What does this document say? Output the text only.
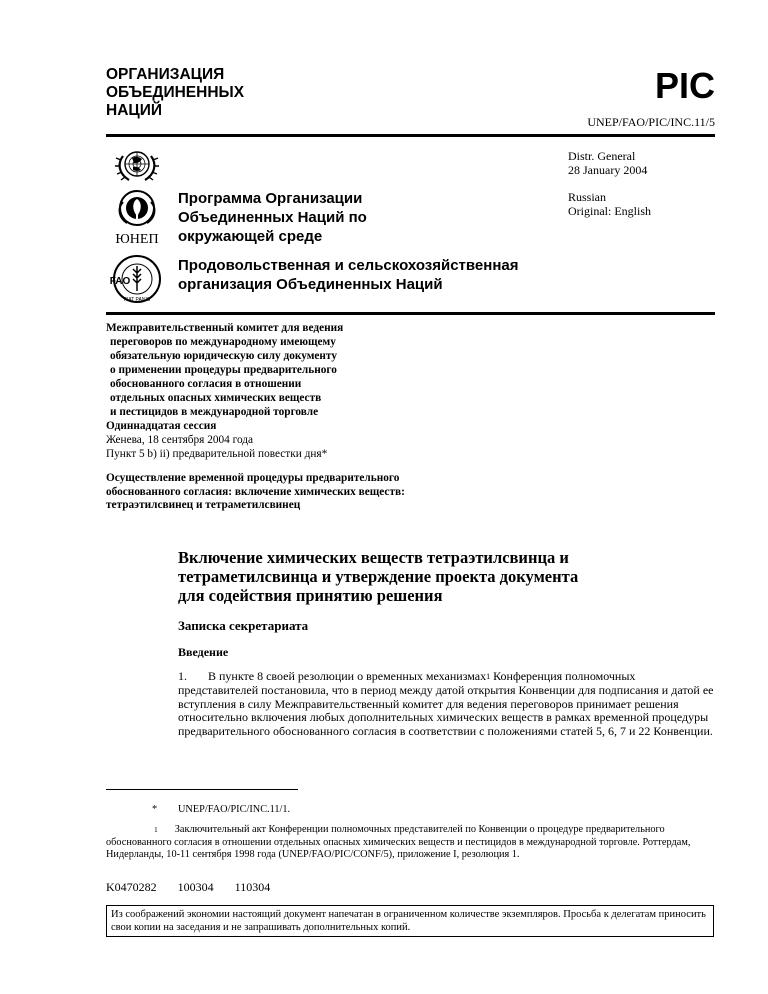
ОРГАНИЗАЦИЯ
ОБЪЕДИНЕННЫХ
НАЦИЙ
PIC
UNEP/FAO/PIC/INC.11/5
Distr. General
28 January 2004
Russian
Original: English
ЮНЕП
FAO
FIAT PANIS
Программа Организации
Объединенных Наций по
окружающей среде
Продовольственная и сельскохозяйственная
организация Объединенных Наций
Межправительственный комитет для ведения
переговоров по международному имеющему
обязательную юридическую силу документу
о применении процедуры предварительного
обоснованного согласия в отношении
отдельных опасных химических веществ
и пестицидов в международной торговле
Одиннадцатая сессия
Женева, 18 сентября 2004 года
Пункт 5 b) ii) предварительной повестки дня*
Осуществление временной процедуры предварительного
обоснованного согласия: включение химических веществ:
тетраэтилсвинец и тетраметилсвинец
Включение химических веществ тетраэтилсвинца и
тетраметилсвинца и утверждение проекта документа
для содействия принятию решения
Записка секретариата
Введение
1. В пункте 8 своей резолюции о временных механизмах$^1$ Конференция полномочных представителей постановила, что в период между датой открытия Конвенции для подписания и датой ее вступления в силу Межправительственный комитет для ведения переговоров принимает решения относительно включения любых дополнительных химических веществ в рамках временной процедуры предварительного обоснованного согласия в соответствии с положениями статей 5, 6, 7 и 22 Конвенции.
* UNEP/FAO/PIC/INC.11/1.
$^1$ Заключительный акт Конференции полномочных представителей по Конвенции о процедуре предварительного обоснованного согласия в отношении отдельных опасных химических веществ и пестицидов в международной торговле. Роттердам, Нидерланды, 10-11 сентября 1998 года (UNEP/FAO/PIC/CONF/5), приложение I, резолюция 1.
K0470282 100304 110304
Из соображений экономии настоящий документ напечатан в ограниченном количестве экземпляров. Просьба к делегатам приносить свои копии на заседания и не запрашивать дополнительных копий.
